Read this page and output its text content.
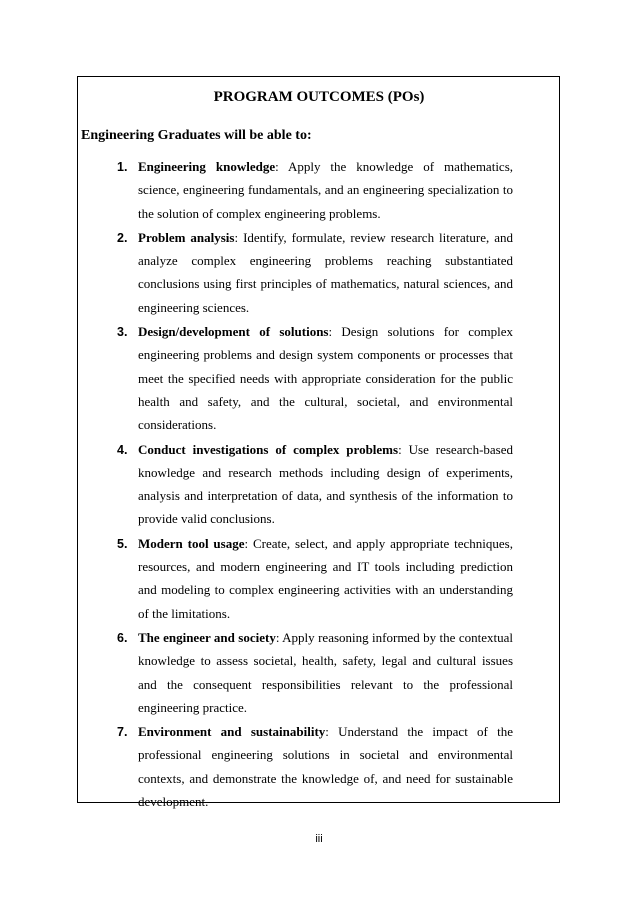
PROGRAM OUTCOMES (POs)
Engineering Graduates will be able to:
1. Engineering knowledge: Apply the knowledge of mathematics, science, engineering fundamentals, and an engineering specialization to the solution of complex engineering problems.
2. Problem analysis: Identify, formulate, review research literature, and analyze complex engineering problems reaching substantiated conclusions using first principles of mathematics, natural sciences, and engineering sciences.
3. Design/development of solutions: Design solutions for complex engineering problems and design system components or processes that meet the specified needs with appropriate consideration for the public health and safety, and the cultural, societal, and environmental considerations.
4. Conduct investigations of complex problems: Use research-based knowledge and research methods including design of experiments, analysis and interpretation of data, and synthesis of the information to provide valid conclusions.
5. Modern tool usage: Create, select, and apply appropriate techniques, resources, and modern engineering and IT tools including prediction and modeling to complex engineering activities with an understanding of the limitations.
6. The engineer and society: Apply reasoning informed by the contextual knowledge to assess societal, health, safety, legal and cultural issues and the consequent responsibilities relevant to the professional engineering practice.
7. Environment and sustainability: Understand the impact of the professional engineering solutions in societal and environmental contexts, and demonstrate the knowledge of, and need for sustainable development.
iii
